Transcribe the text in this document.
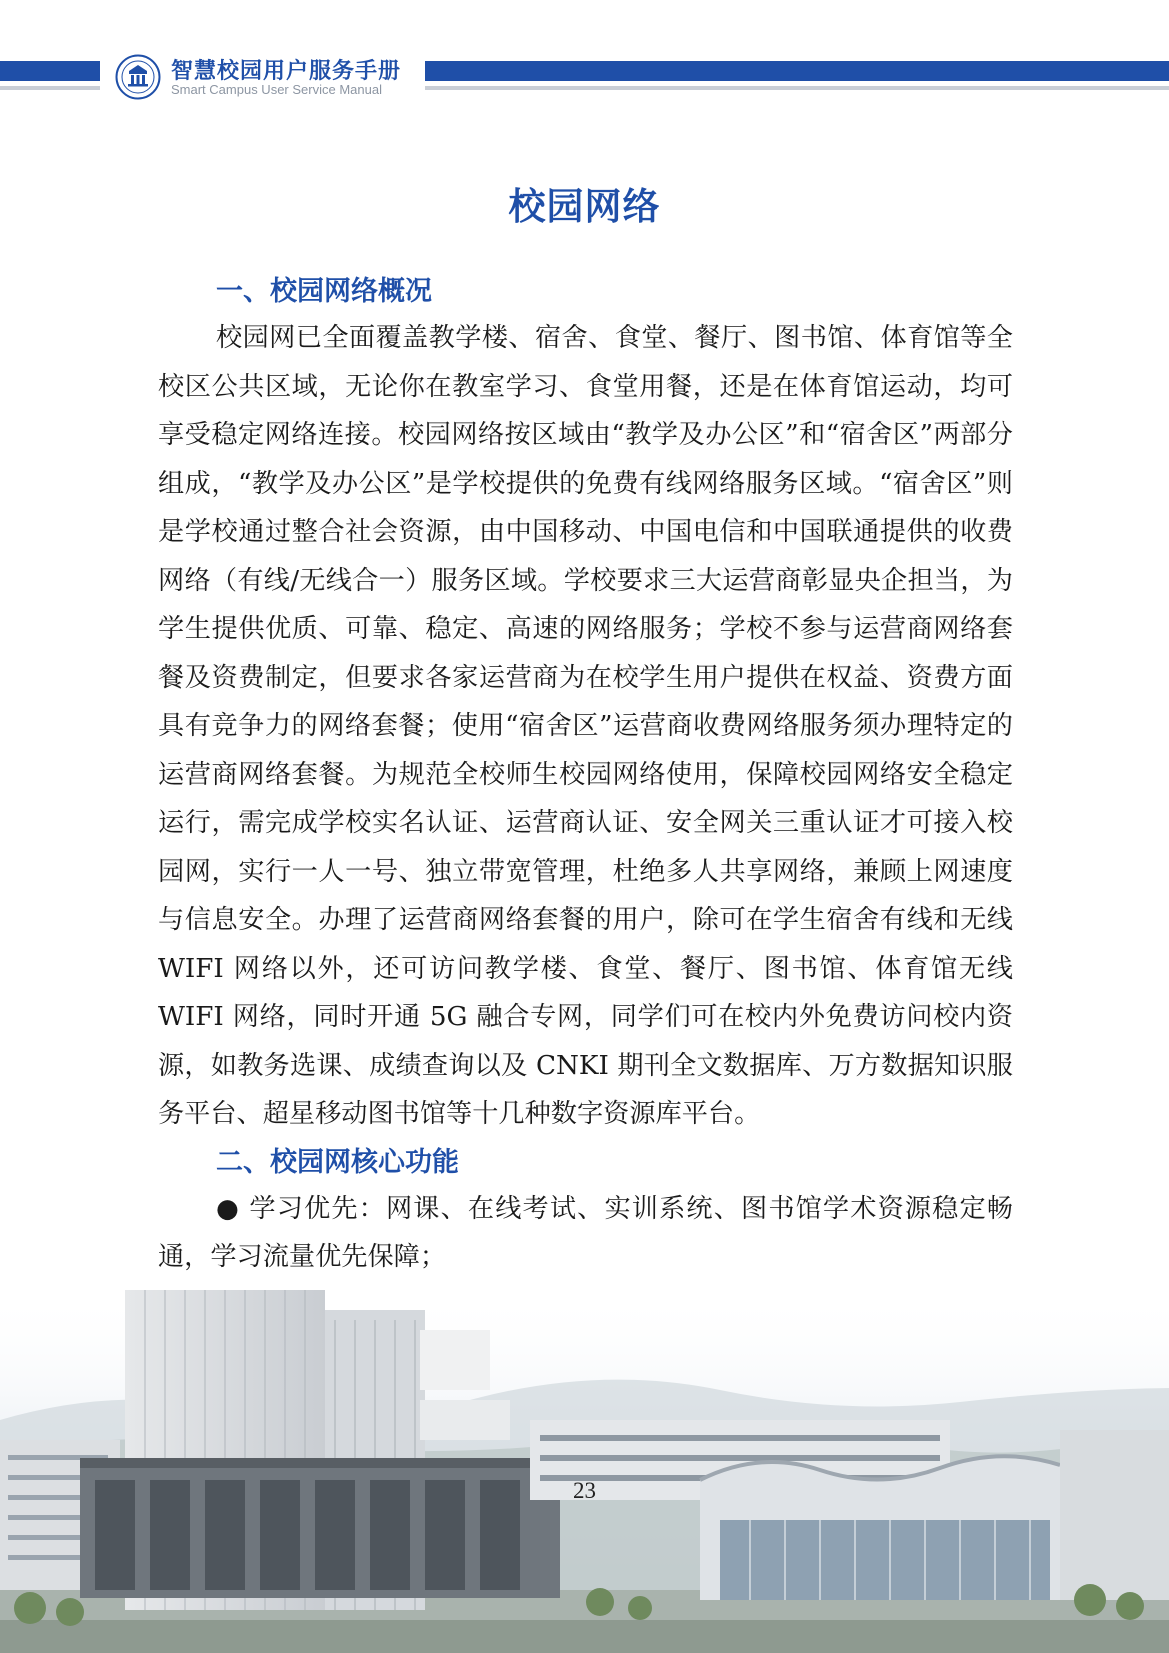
智慧校园用户服务手册
Smart Campus User Service Manual
校园网络
一、校园网络概况

校园网已全面覆盖教学楼、宿舍、食堂、餐厅、图书馆、体育馆等全校区公共区域，无论你在教室学习、食堂用餐，还是在体育馆运动，均可享受稳定网络连接。校园网络按区域由“教学及办公区”和“宿舍区”两部分组成，“教学及办公区”是学校提供的免费有线网络服务区域。“宿舍区”则是学校通过整合社会资源，由中国移动、中国电信和中国联通提供的收费网络（有线/无线合一）服务区域。学校要求三大运营商彰显央企担当，为学生提供优质、可靠、稳定、高速的网络服务；学校不参与运营商网络套餐及资费制定，但要求各家运营商为在校学生用户提供在权益、资费方面具有竞争力的网络套餐；使用“宿舍区”运营商收费网络服务须办理特定的运营商网络套餐。为规范全校师生校园网络使用，保障校园网络安全稳定运行，需完成学校实名认证、运营商认证、安全网关三重认证才可接入校园网，实行一人一号、独立带宽管理，杜绝多人共享网络，兼顾上网速度与信息安全。办理了运营商网络套餐的用户，除可在学生宿舍有线和无线 WIFI 网络以外，还可访问教学楼、食堂、餐厅、图书馆、体育馆无线 WIFI 网络，同时开通 5G 融合专网，同学们可在校内外免费访问校内资源，如教务选课、成绩查询以及 CNKI 期刊全文数据库、万方数据知识服务平台、超星移动图书馆等十几种数字资源库平台。

二、校园网核心功能

● 学习优先：网课、在线考试、实训系统、图书馆学术资源稳定畅通，学习流量优先保障；

23
